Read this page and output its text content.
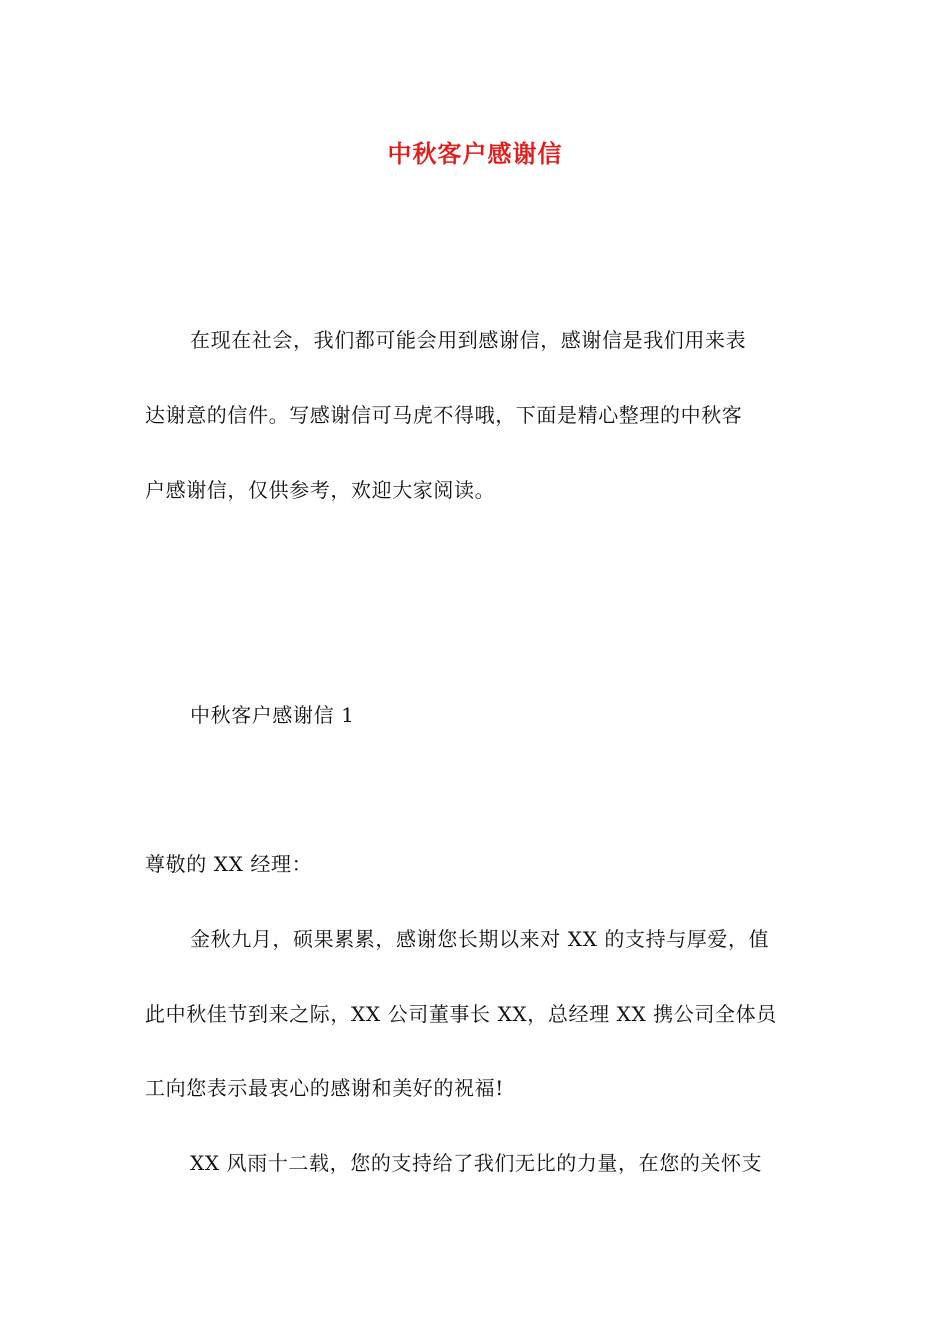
中秋客户感谢信
在现在社会，我们都可能会用到感谢信，感谢信是我们用来表
达谢意的信件。写感谢信可马虎不得哦，下面是精心整理的中秋客
户感谢信，仅供参考，欢迎大家阅读。
中秋客户感谢信 1
尊敬的 XX 经理：
金秋九月，硕果累累，感谢您长期以来对 XX 的支持与厚爱，值
此中秋佳节到来之际，XX 公司董事长 XX，总经理 XX 携公司全体员
工向您表示最衷心的感谢和美好的祝福!
XX 风雨十二载，您的支持给了我们无比的力量，在您的关怀支
